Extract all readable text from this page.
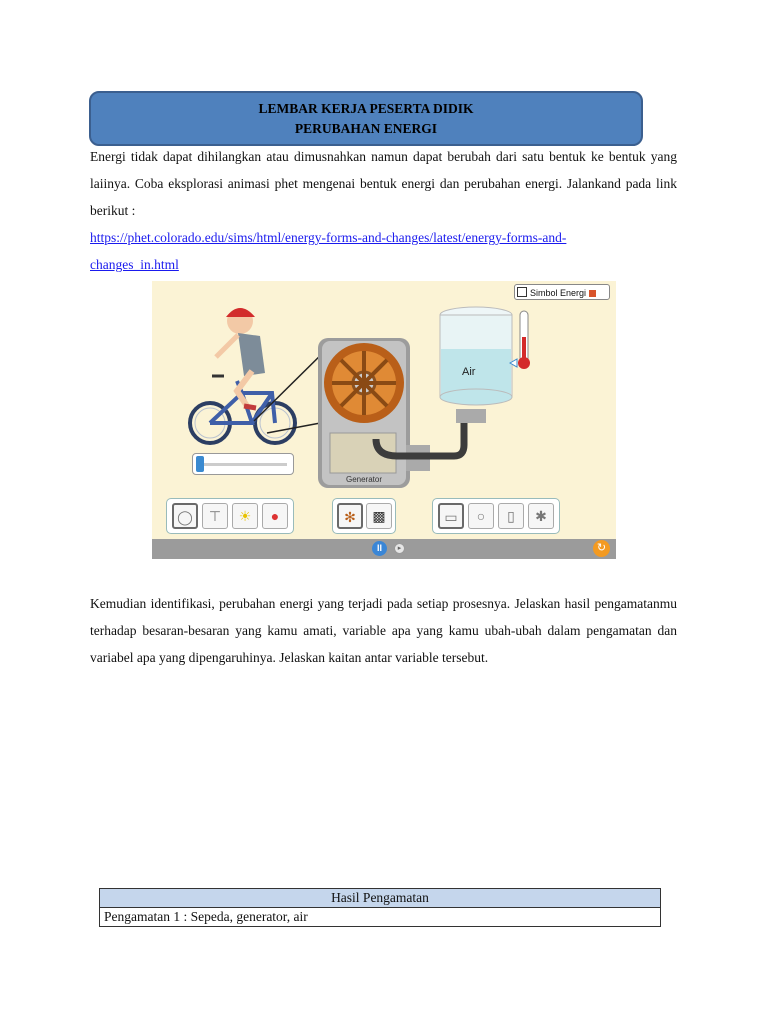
LEMBAR KERJA PESERTA DIDIK
PERUBAHAN ENERGI
Energi tidak dapat dihilangkan atau dimusnahkan namun dapat berubah dari satu bentuk ke bentuk yang laiinya. Coba eksplorasi animasi phet mengenai bentuk energi dan perubahan energi. Jalankand pada link berikut :
https://phet.colorado.edu/sims/html/energy-forms-and-changes/latest/energy-forms-and-
changes_in.html
Simbol Energi
Air
Generator
◯	⊤	☀	●	✻	▩	▭	○	▯	✱
II	▸	↻
Kemudian identifikasi, perubahan energi yang terjadi pada setiap prosesnya. Jelaskan hasil pengamatanmu terhadap besaran-besaran yang kamu amati, variable apa yang kamu ubah-ubah dalam pengamatan dan variabel apa yang dipengaruhinya. Jelaskan kaitan antar variable tersebut.
Hasil Pengamatan
Pengamatan 1 : Sepeda, generator, air
